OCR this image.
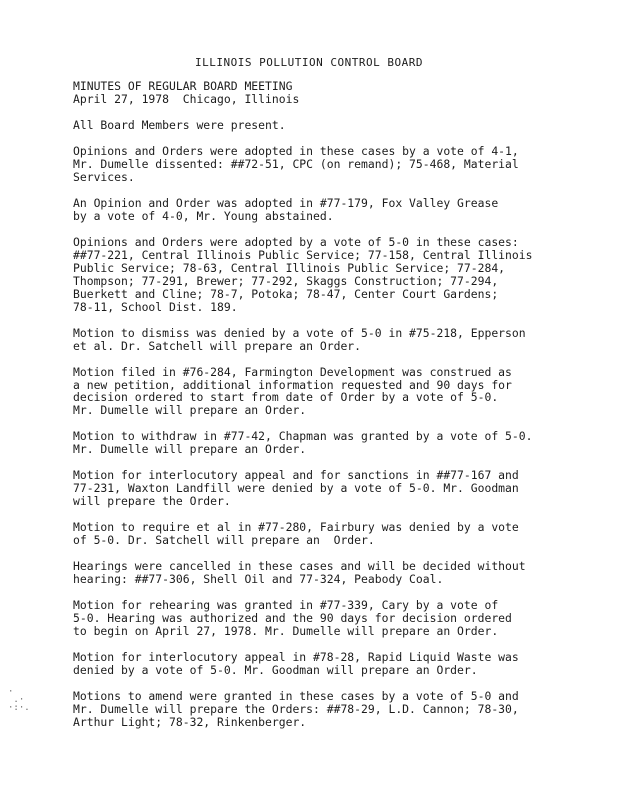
ILLINOIS POLLUTION CONTROL BOARD
MINUTES OF REGULAR BOARD MEETING
April 27, 1978  Chicago, Illinois
All Board Members were present.
Opinions and Orders were adopted in these cases by a vote of 4-1,
Mr. Dumelle dissented: ##72-51, CPC (on remand); 75-468, Material
Services.
An Opinion and Order was adopted in #77-179, Fox Valley Grease
by a vote of 4-0, Mr. Young abstained.
Opinions and Orders were adopted by a vote of 5-0 in these cases:
##77-221, Central Illinois Public Service; 77-158, Central Illinois
Public Service; 78-63, Central Illinois Public Service; 77-284,
Thompson; 77-291, Brewer; 77-292, Skaggs Construction; 77-294,
Buerkett and Cline; 78-7, Potoka; 78-47, Center Court Gardens;
78-11, School Dist. 189.
Motion to dismiss was denied by a vote of 5-0 in #75-218, Epperson
et al. Dr. Satchell will prepare an Order.
Motion filed in #76-284, Farmington Development was construed as
a new petition, additional information requested and 90 days for
decision ordered to start from date of Order by a vote of 5-0.
Mr. Dumelle will prepare an Order.
Motion to withdraw in #77-42, Chapman was granted by a vote of 5-0.
Mr. Dumelle will prepare an Order.
Motion for interlocutory appeal and for sanctions in ##77-167 and
77-231, Waxton Landfill were denied by a vote of 5-0. Mr. Goodman
will prepare the Order.
Motion to require et al in #77-280, Fairbury was denied by a vote
of 5-0. Dr. Satchell will prepare an  Order.
Hearings were cancelled in these cases and will be decided without
hearing: ##77-306, Shell Oil and 77-324, Peabody Coal.
Motion for rehearing was granted in #77-339, Cary by a vote of
5-0. Hearing was authorized and the 90 days for decision ordered
to begin on April 27, 1978. Mr. Dumelle will prepare an Order.
Motion for interlocutory appeal in #78-28, Rapid Liquid Waste was
denied by a vote of 5-0. Mr. Goodman will prepare an Order.
Motions to amend were granted in these cases by a vote of 5-0 and
Mr. Dumelle will prepare the Orders: ##78-29, L.D. Cannon; 78-30,
Arthur Light; 78-32, Rinkenberger.
·
.·
·:·.
